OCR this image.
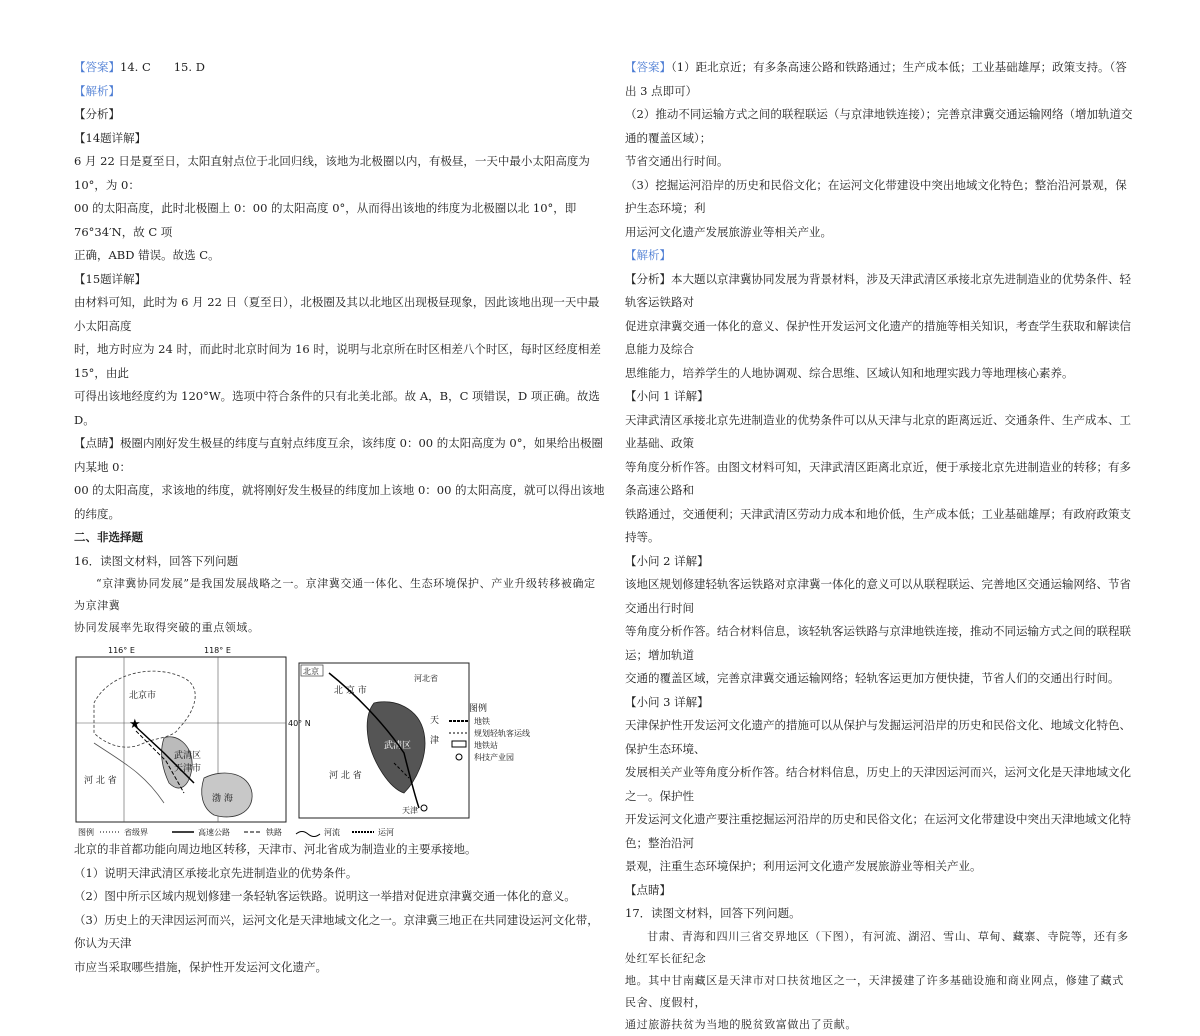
【答案】14. C　　15. D

【解析】

【分析】

【14题详解】

6 月 22 日是夏至日，太阳直射点位于北回归线，该地为北极圈以内，有极昼，一天中最小太阳高度为 10°，为 0：

00 的太阳高度，此时北极圈上 0：00 的太阳高度 0°，从而得出该地的纬度为北极圈以北 10°，即 76°34′N，故 C 项

正确，ABD 错误。故选 C。

【15题详解】

由材料可知，此时为 6 月 22 日（夏至日），北极圈及其以北地区出现极昼现象，因此该地出现一天中最小太阳高度

时，地方时应为 24 时，而此时北京时间为 16 时，说明与北京所在时区相差八个时区，每时区经度相差 15°，由此

可得出该地经度约为 120°W。选项中符合条件的只有北美北部。故 A，B，C 项错误，D 项正确。故选 D。

【点睛】极圈内刚好发生极昼的纬度与直射点纬度互余，该纬度 0：00 的太阳高度为 0°，如果给出极圈内某地 0：

00 的太阳高度，求该地的纬度，就将刚好发生极昼的纬度加上该地 0：00 的太阳高度，就可以得出该地的纬度。

二、非选择题

16．读图文材料，回答下列问题

“京津冀协同发展”是我国发展战略之一。京津冀交通一体化、生态环境保护、产业升级转移被确定为京津冀

协同发展率先取得突破的重点领域。

116° E	118° E
40° N
北京市
★
武清区
天津市
渤 海
河 北 省
北京
北 京 市
河 北 省
河北省
武清区
天
津
天津
图例
地铁
规划轻轨客运线
地铁站
科技产业园
图例	省级界	高速公路	铁路	河流	运河

北京的非首都功能向周边地区转移，天津市、河北省成为制造业的主要承接地。

（1）说明天津武清区承接北京先进制造业的优势条件。

（2）图中所示区域内规划修建一条轻轨客运铁路。说明这一举措对促进京津冀交通一体化的意义。

（3）历史上的天津因运河而兴，运河文化是天津地域文化之一。京津冀三地正在共同建设运河文化带，你认为天津

市应当采取哪些措施，保护性开发运河文化遗产。

【答案】（1）距北京近；有多条高速公路和铁路通过；生产成本低；工业基础雄厚；政策支持。（答出 3 点即可）

（2）推动不同运输方式之间的联程联运（与京津地铁连接）；完善京津冀交通运输网络（增加轨道交通的覆盖区域）；

节省交通出行时间。

（3）挖掘运河沿岸的历史和民俗文化；在运河文化带建设中突出地域文化特色；整治沿河景观，保护生态环境；利

用运河文化遗产发展旅游业等相关产业。

【解析】

【分析】本大题以京津冀协同发展为背景材料，涉及天津武清区承接北京先进制造业的优势条件、轻轨客运铁路对

促进京津冀交通一体化的意义、保护性开发运河文化遗产的措施等相关知识，考查学生获取和解读信息能力及综合

思维能力，培养学生的人地协调观、综合思维、区域认知和地理实践力等地理核心素养。

【小问 1 详解】

天津武清区承接北京先进制造业的优势条件可以从天津与北京的距离远近、交通条件、生产成本、工业基础、政策

等角度分析作答。由图文材料可知，天津武清区距离北京近，便于承接北京先进制造业的转移；有多条高速公路和

铁路通过，交通便利；天津武清区劳动力成本和地价低，生产成本低；工业基础雄厚；有政府政策支持等。

【小问 2 详解】

该地区规划修建轻轨客运铁路对京津冀一体化的意义可以从联程联运、完善地区交通运输网络、节省交通出行时间

等角度分析作答。结合材料信息，该轻轨客运铁路与京津地铁连接，推动不同运输方式之间的联程联运；增加轨道

交通的覆盖区域，完善京津冀交通运输网络；轻轨客运更加方便快捷，节省人们的交通出行时间。

【小问 3 详解】

天津保护性开发运河文化遗产的措施可以从保护与发掘运河沿岸的历史和民俗文化、地域文化特色、保护生态环境、

发展相关产业等角度分析作答。结合材料信息，历史上的天津因运河而兴，运河文化是天津地域文化之一。保护性

开发运河文化遗产要注重挖掘运河沿岸的历史和民俗文化；在运河文化带建设中突出天津地域文化特色；整治沿河

景观，注重生态环境保护；利用运河文化遗产发展旅游业等相关产业。

【点睛】

17．读图文材料，回答下列问题。

甘肃、青海和四川三省交界地区（下图），有河流、湖沼、雪山、草甸、藏寨、寺院等，还有多处红军长征纪念

地。其中甘南藏区是天津市对口扶贫地区之一，天津援建了许多基础设施和商业网点，修建了藏式民舍、度假村，

通过旅游扶贫为当地的脱贫致富做出了贡献。
